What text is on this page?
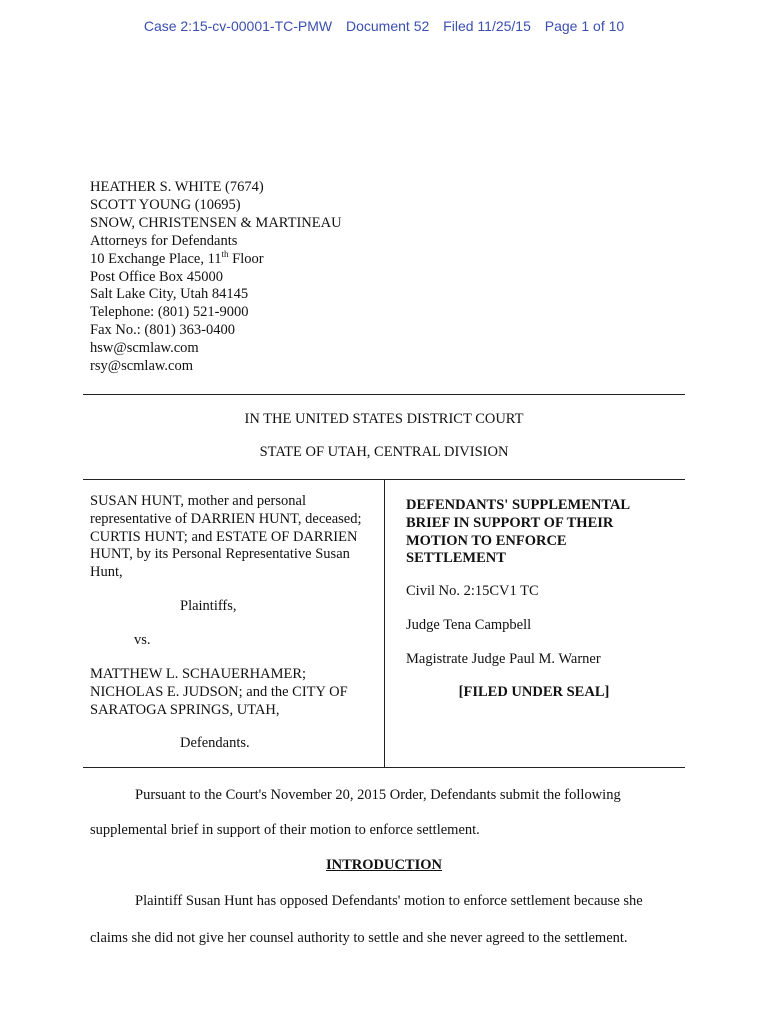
Case 2:15-cv-00001-TC-PMW Document 52 Filed 11/25/15 Page 1 of 10
HEATHER S. WHITE (7674)
SCOTT YOUNG (10695)
SNOW, CHRISTENSEN & MARTINEAU
Attorneys for Defendants
10 Exchange Place, 11th Floor
Post Office Box 45000
Salt Lake City, Utah 84145
Telephone: (801) 521-9000
Fax No.: (801) 363-0400
hsw@scmlaw.com
rsy@scmlaw.com
IN THE UNITED STATES DISTRICT COURT
STATE OF UTAH, CENTRAL DIVISION
SUSAN HUNT, mother and personal
representative of DARRIEN HUNT, deceased;
CURTIS HUNT; and ESTATE OF DARRIEN
HUNT, by its Personal Representative Susan
Hunt,
Plaintiffs,
vs.
MATTHEW L. SCHAUERHAMER;
NICHOLAS E. JUDSON; and the CITY OF
SARATOGA SPRINGS, UTAH,
Defendants.
DEFENDANTS' SUPPLEMENTAL
BRIEF IN SUPPORT OF THEIR
MOTION TO ENFORCE
SETTLEMENT
Civil No. 2:15CV1 TC
Judge Tena Campbell
Magistrate Judge Paul M. Warner
[FILED UNDER SEAL]
Pursuant to the Court's November 20, 2015 Order, Defendants submit the following
supplemental brief in support of their motion to enforce settlement.
INTRODUCTION
Plaintiff Susan Hunt has opposed Defendants' motion to enforce settlement because she
claims she did not give her counsel authority to settle and she never agreed to the settlement.
